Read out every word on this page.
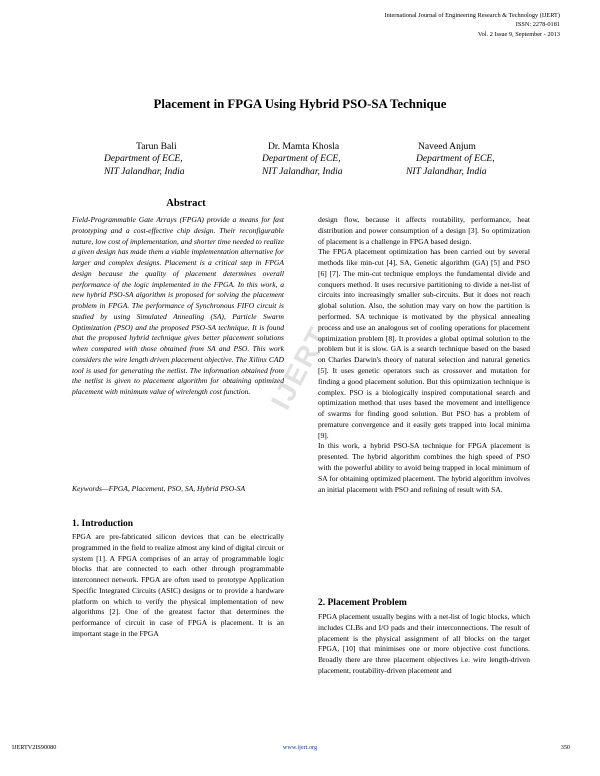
International Journal of Engineering Research & Technology (IJERT)
ISSN: 2278-0181
Vol. 2 Issue 9, September - 2013
Placement in FPGA Using Hybrid PSO-SA Technique
Tarun Bali
Department of ECE,
NIT Jalandhar, India
Dr. Mamta Khosla
Department of ECE,
NIT Jalandhar, India
Naveed Anjum
Department of ECE,
NIT Jalandhar, India
Abstract

Field-Programmable Gate Arrays (FPGA) provide a means for fast prototyping and a cost-effective chip design. Their reconfigurable nature, low cost of implementation, and shorter time needed to realize a given design has made them a viable implementation alternative for larger and complex designs. Placement is a critical step in FPGA design because the quality of placement determines overall performance of the logic implemented in the FPGA. In this work, a new hybrid PSO-SA algorithm is proposed for solving the placement problem in FPGA. The performance of Synchronous FIFO circuit is studied by using Simulated Annealing (SA), Particle Swarm Optimization (PSO) and the proposed PSO-SA technique. It is found that the proposed hybrid technique gives better placement solutions when compared with those obtained from SA and PSO. This work considers the wire length driven placement objective. The Xilinx CAD tool is used for generating the netlist. The information obtained from the netlist is given to placement algorithm for obtaining optimized placement with minimum value of wirelength cost function.

Keywords—FPGA, Placement, PSO, SA, Hybrid PSO-SA

1. Introduction

FPGA are pre-fabricated silicon devices that can be electrically programmed in the field to realize almost any kind of digital circuit or system [1]. A FPGA comprises of an array of programmable logic blocks that are connected to each other through programmable interconnect network. FPGA are often used to prototype Application Specific Integrated Circuits (ASIC) designs or to provide a hardware platform on which to verify the physical implementation of new algorithms [2]. One of the greatest factor that determines the performance of circuit in case of FPGA is placement. It is an important stage in the FPGA

design flow, because it affects routability, performance, heat distribution and power consumption of a design [3]. So optimization of placement is a challenge in FPGA based design.

The FPGA placement optimization has been carried out by several methods like min-cut [4], SA, Genetic algorithm (GA) [5] and PSO [6] [7]. The min-cut technique employs the fundamental divide and conquers method. It uses recursive partitioning to divide a net-list of circuits into increasingly smaller sub-circuits. But it does not reach global solution. Also, the solution may vary on how the partition is performed. SA technique is motivated by the physical annealing process and use an analogous set of cooling operations for placement optimization problem [8]. It provides a global optimal solution to the problem but it is slow. GA is a search technique based on the based on Charles Darwin's theory of natural selection and natural genetics [5]. It uses genetic operators such as crossover and mutation for finding a good placement solution. But this optimization technique is complex. PSO is a biologically inspired computational search and optimization method that uses based the movement and intelligence of swarms for finding good solution. But PSO has a problem of premature convergence and it easily gets trapped into local minima [9].

In this work, a hybrid PSO-SA technique for FPGA placement is presented. The hybrid algorithm combines the high speed of PSO with the powerful ability to avoid being trapped in local minimum of SA for obtaining optimized placement. The hybrid algorithm involves an initial placement with PSO and refining of result with SA.

2. Placement Problem

FPGA placement usually begins with a net-list of logic blocks, which includes CLBs and I/O pads and their interconnections. The result of placement is the physical assignment of all blocks on the target FPGA, [10] that minimises one or more objective cost functions. Broadly there are three placement objectives i.e. wire length-driven placement, routability-driven placement and

IJERT
IJERTV2IS90080	www.ijert.org	350
